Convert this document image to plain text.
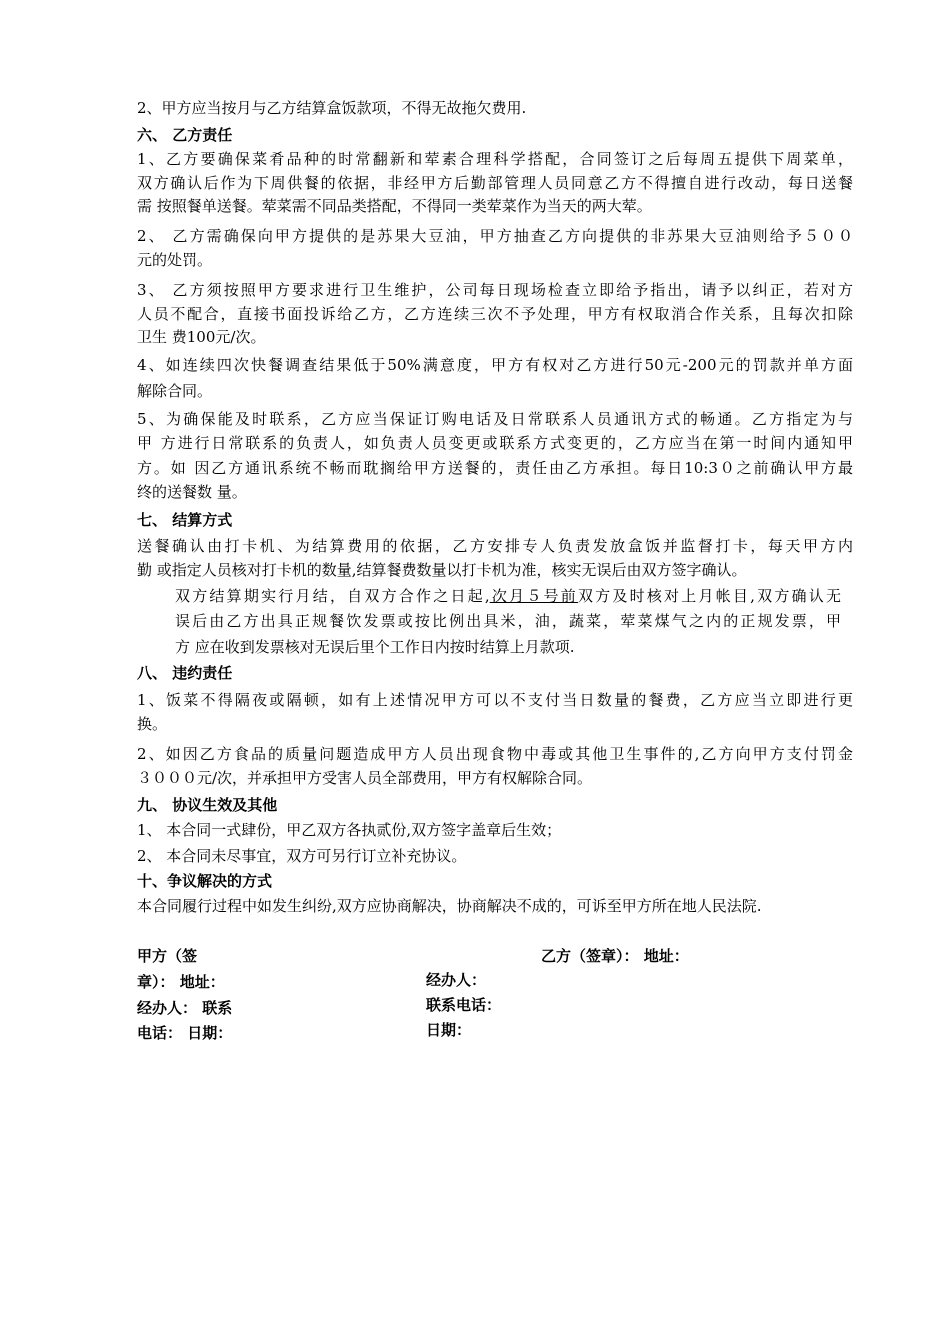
2、甲方应当按月与乙方结算盒饭款项，不得无故拖欠费用.

六、 乙方责任

1、乙方要确保菜肴品种的时常翻新和荤素合理科学搭配，合同签订之后每周五提供下周菜单，

双方确认后作为下周供餐的依据，非经甲方后勤部管理人员同意乙方不得擅自进行改动，每日送餐

需 按照餐单送餐。荤菜需不同品类搭配，不得同一类荤菜作为当天的两大荤。

2、 乙方需确保向甲方提供的是苏果大豆油，甲方抽查乙方向提供的非苏果大豆油则给予５００

元的处罚。

3、 乙方须按照甲方要求进行卫生维护，公司每日现场检查立即给予指出，请予以纠正，若对方

人员不配合，直接书面投诉给乙方，乙方连续三次不予处理，甲方有权取消合作关系，且每次扣除

卫生 费100元/次。

4、如连续四次快餐调查结果低于50%满意度，甲方有权对乙方进行50元-200元的罚款并单方面

解除合同。

5、为确保能及时联系，乙方应当保证订购电话及日常联系人员通讯方式的畅通。乙方指定为与

甲 方进行日常联系的负责人，如负责人员变更或联系方式变更的，乙方应当在第一时间内通知甲

方。如 因乙方通讯系统不畅而耽搁给甲方送餐的，责任由乙方承担。每日10:3０之前确认甲方最

终的送餐数 量。

七、 结算方式

送餐确认由打卡机、为结算费用的依据，乙方安排专人负责发放盒饭并监督打卡，每天甲方内

勤 或指定人员核对打卡机的数量,结算餐费数量以打卡机为准，核实无误后由双方签字确认。

双方结算期实行月结，自双方合作之日起,次月５号前双方及时核对上月帐目,双方确认无

误后由乙方出具正规餐饮发票或按比例出具米，油，蔬菜，荤菜煤气之内的正规发票，甲

方 应在收到发票核对无误后里个工作日内按时结算上月款项.

八、 违约责任

1、饭菜不得隔夜或隔顿，如有上述情况甲方可以不支付当日数量的餐费，乙方应当立即进行更

换。

2、如因乙方食品的质量问题造成甲方人员出现食物中毒或其他卫生事件的,乙方向甲方支付罚金

３０００元/次，并承担甲方受害人员全部费用，甲方有权解除合同。

九、 协议生效及其他

1、 本合同一式肆份，甲乙双方各执贰份,双方签字盖章后生效；

2、 本合同未尽事宜，双方可另行订立补充协议。

十、争议解决的方式

本合同履行过程中如发生纠纷,双方应协商解决，协商解决不成的，可诉至甲方所在地人民法院.

甲方（签

章）： 地址：

经办人： 联系

电话： 日期：

乙方（签章）： 地址：

经办人：

联系电话：

日期：
